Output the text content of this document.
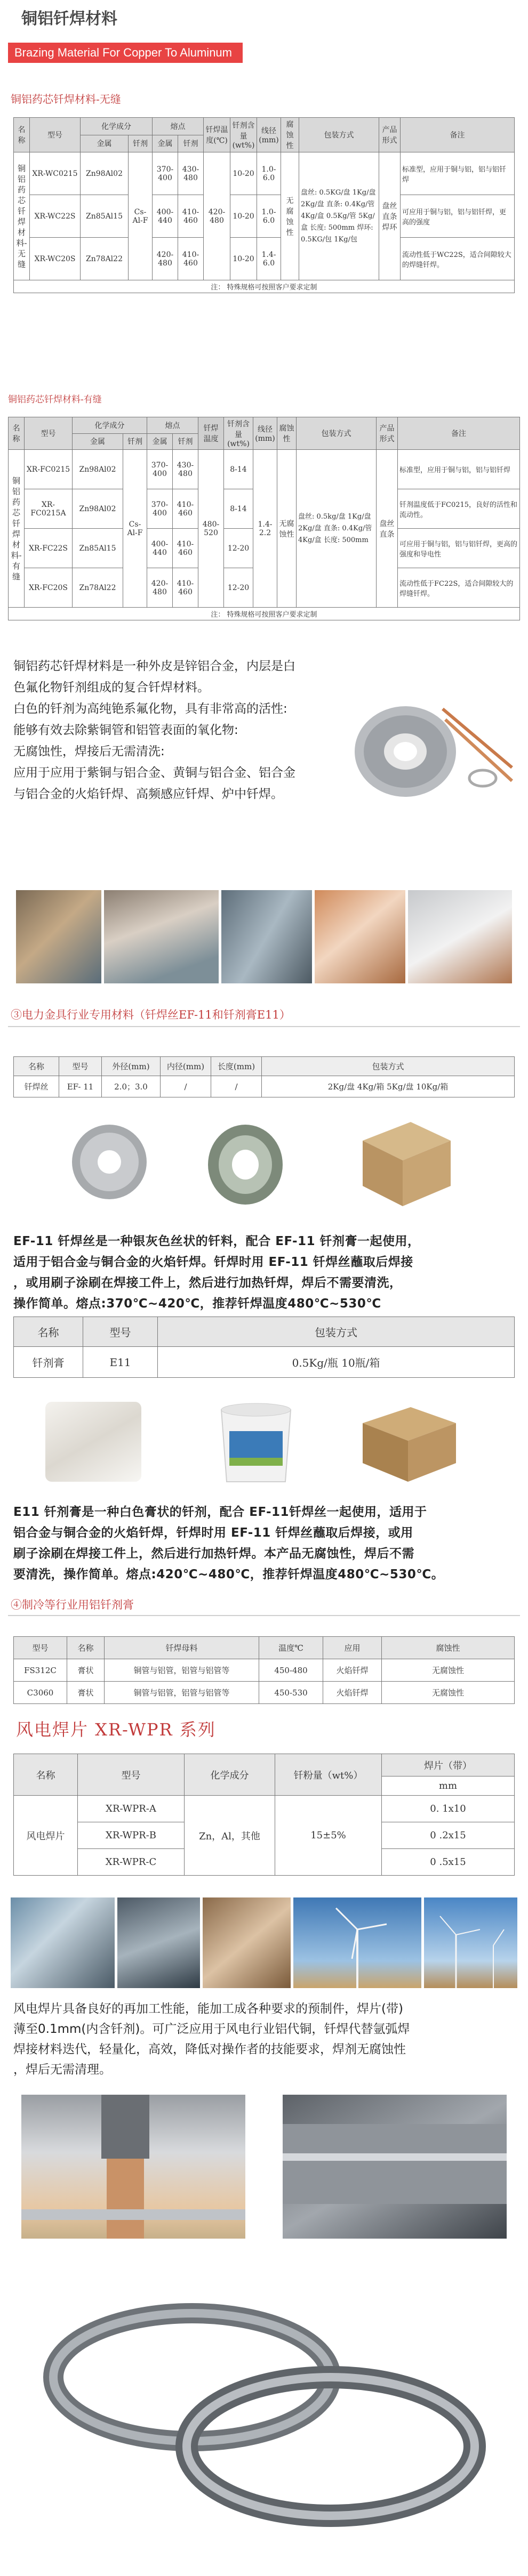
铜铝钎焊材料
Brazing Material For Copper To Aluminum
铜铝药芯钎焊材料-无缝
名称	型号	化学成分		熔点		钎焊温度(℃)	钎剂含量(wt%)	线径(mm)	腐蚀性	包装方式	产品形式	备注
		金属	钎剂	金属	钎剂							
铜铝药芯钎焊材料-无缝	XR-WC0215	Zn98Al02	Cs-Al-F	370-400	430-480	420-480	10-20	1.0-6.0	无腐蚀性	盘丝: 0.5KG/盘 1Kg/盘 2Kg/盘 直条: 0.4Kg/管 4Kg/盒 0.5Kg/管 5Kg/盒 长度: 500mm 焊环: 0.5KG/包 1Kg/包	盘丝直条焊环	标准型，应用于铜与铝，铝与铝钎焊
	XR-WC22S	Zn85Al15		400-440	410-460		10-20	1.0-6.0				可应用于铜与铝，铝与铝钎焊，更高的强度
	XR-WC20S	Zn78Al22		420-480	410-460		10-20	1.4-6.0				流动性低于WC22S，适合间隙较大的焊缝钎焊。
注： 特殊规格可按照客户要求定制												
铜铝药芯钎焊材料-有缝
名称	型号	化学成分		熔点		钎焊温度	钎剂含量(wt%)	线径(mm)	腐蚀性	包装方式	产品形式	备注
		金属	钎剂	金属	钎剂							
铜铝药芯钎焊材料-有缝	XR-FC0215	Zn98Al02	Cs-Al-F	370-400	430-480	480-520	8-14	1.4-2.2	无腐蚀性	盘丝: 0.5kg/盘 1Kg/盘 2Kg/盘 直条: 0.4Kg/管 4Kg/盒 长度: 500mm	盘丝直条	标准型，应用于铜与铝，铝与铝钎焊
	XR-FC0215A	Zn98Al02		370-400	410-460		8-14					钎剂温度低于FC0215，良好的活性和流动性。
	XR-FC22S	Zn85Al15		400-440	410-460		12-20					可应用于铜与铝，铝与铝钎焊，更高的强度和导电性
	XR-FC20S	Zn78Al22		420-480	410-460		12-20					流动性低于FC22S，适合间隙较大的焊缝钎焊。
注： 特殊规格可按照客户要求定制												
铜铝药芯钎焊材料是一种外皮是锌铝合金，内层是白
色氟化物钎剂组成的复合钎焊材料。
白色的钎剂为高纯铯系氟化物，具有非常高的活性:
能够有效去除紫铜管和铝管表面的氧化物:
无腐蚀性，焊接后无需清洗:
应用于应用于紫铜与铝合金、黄铜与铝合金、铝合金
与铝合金的火焰钎焊、高频感应钎焊、炉中钎焊。
③电力金具行业专用材料（钎焊丝EF-11和钎剂膏E11）
名称	型号	外径(mm)	内径(mm)	长度(mm)	包装方式
钎焊丝	EF- 11	2.0；3.0	/	/	2Kg/盘 4Kg/箱 5Kg/盘 10Kg/箱
EF-11 钎焊丝是一种银灰色丝状的钎料，配合 EF-11 钎剂膏一起使用，
适用于铝合金与铜合金的火焰钎焊。钎焊时用 EF-11 钎焊丝蘸取后焊接
，或用刷子涂刷在焊接工件上，然后进行加热钎焊，焊后不需要清洗，
操作简单。熔点:370℃~420℃，推荐钎焊温度480℃~530℃
名称	型号	包装方式
钎剂膏	E11	0.5Kg/瓶 10瓶/箱
E11 钎剂膏是一种白色膏状的钎剂，配合 EF-11钎焊丝一起使用，适用于
铝合金与铜合金的火焰钎焊，钎焊时用 EF-11 钎焊丝蘸取后焊接，或用
刷子涂刷在焊接工件上，然后进行加热钎焊。本产品无腐蚀性，焊后不需
要清洗，操作简单。熔点:420℃~480℃，推荐钎焊温度480℃~530℃。
④制冷等行业用铝钎剂膏
型号	名称	钎焊母料	温度℃	应用	腐蚀性
FS312C	膏状	铜管与铝管，铝管与铝管等	450-480	火焰钎焊	无腐蚀性
C3060	膏状	铜管与铝管，铝管与铝管等	450-530	火焰钎焊	无腐蚀性
风电焊片 XR-WPR 系列
名称	型号	化学成分	钎粉量（wt%）	焊片（带）
				mm
风电焊片	XR-WPR-A	Zn，Al，其他	15±5%	0. 1x10
	XR-WPR-B			0 .2x15
	XR-WPR-C			0 .5x15
风电焊片具备良好的再加工性能，能加工成各种要求的预制件，焊片(带)
薄至0.1mm(内含钎剂)。可广泛应用于风电行业铝代铜，钎焊代替氩弧焊
焊接材料迭代，轻量化，高效，降低对操作者的技能要求，焊剂无腐蚀性
，焊后无需清理。
